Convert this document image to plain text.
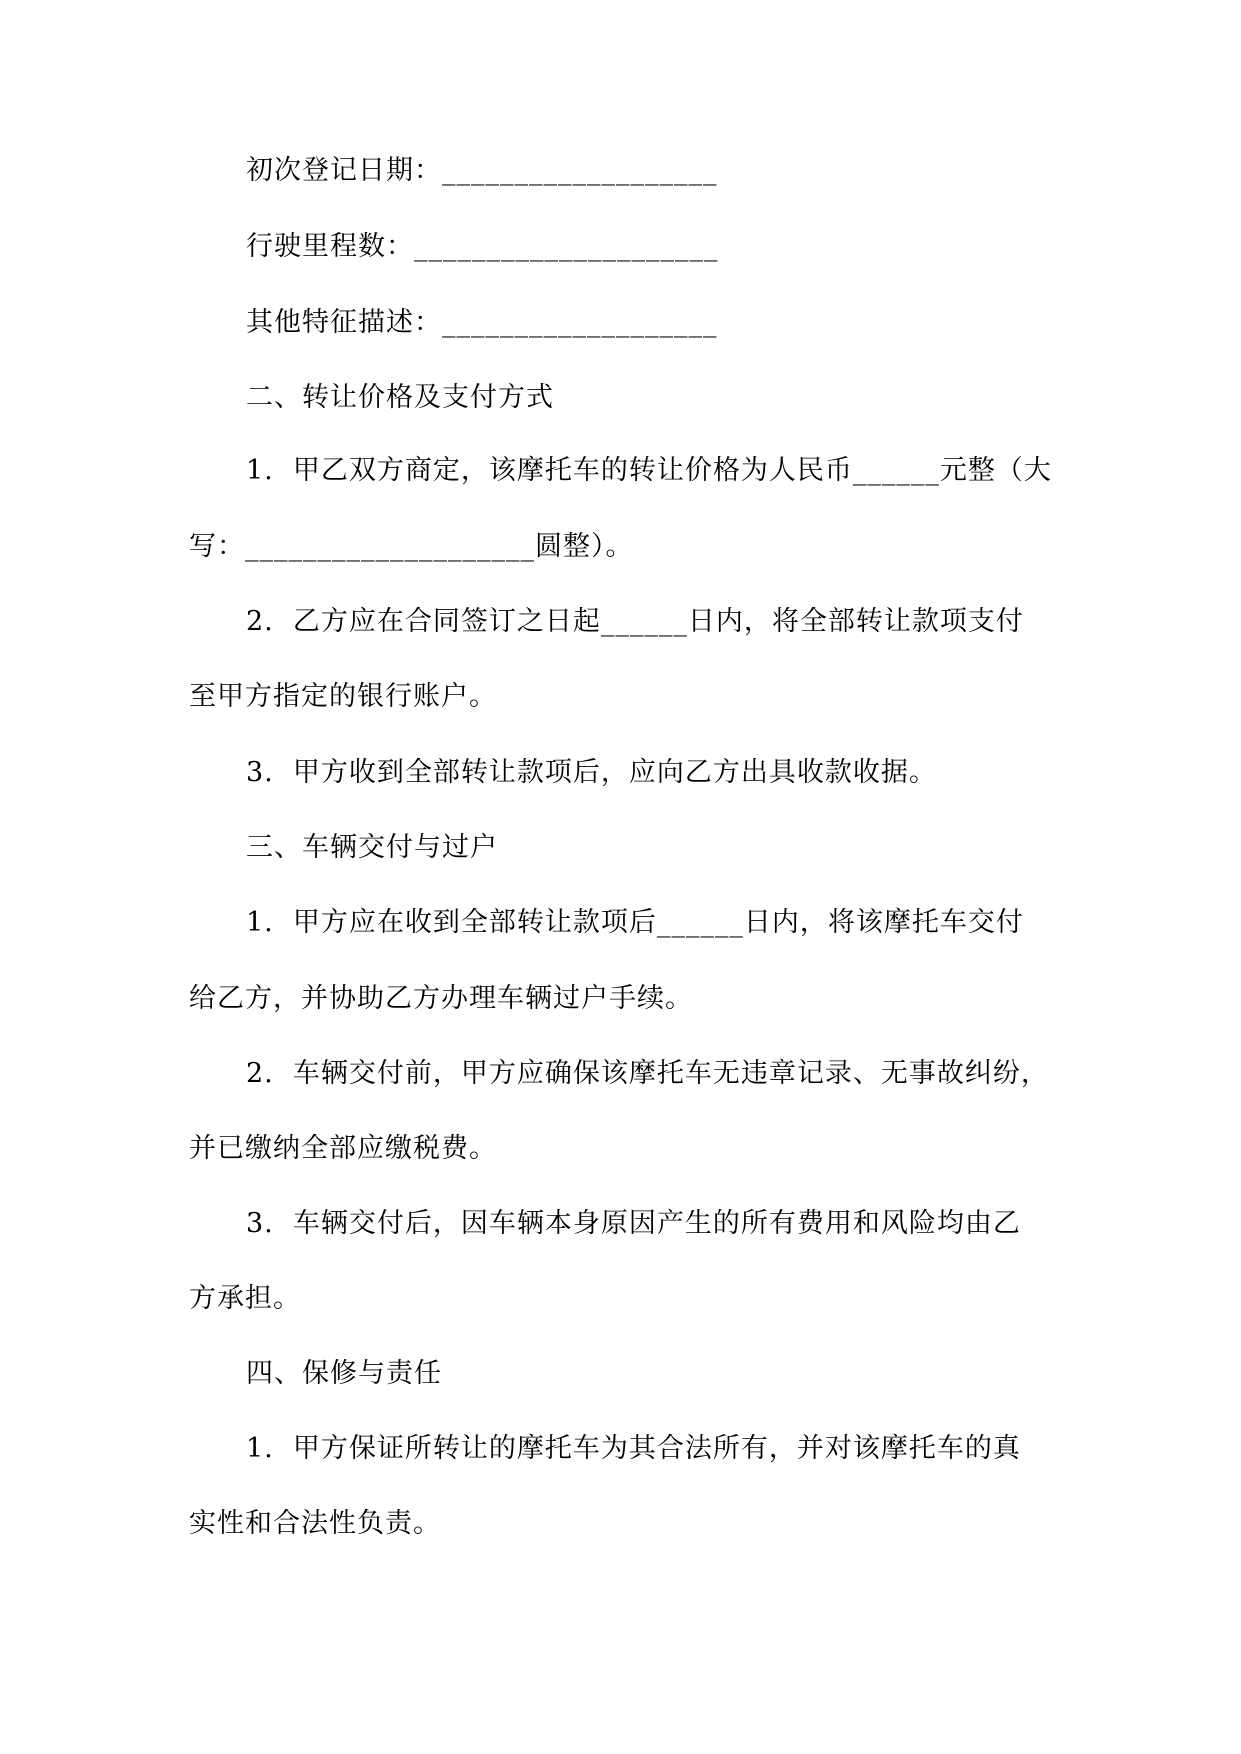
初次登记日期：___________________
行驶里程数：_____________________
其他特征描述：___________________
二、转让价格及支付方式
1.  甲乙双方商定，该摩托车的转让价格为人民币______元整（大
写：____________________圆整）。
2.  乙方应在合同签订之日起______日内，将全部转让款项支付
至甲方指定的银行账户。
3.  甲方收到全部转让款项后，应向乙方出具收款收据。
三、车辆交付与过户
1.  甲方应在收到全部转让款项后______日内，将该摩托车交付
给乙方，并协助乙方办理车辆过户手续。
2.  车辆交付前，甲方应确保该摩托车无违章记录、无事故纠纷，
并已缴纳全部应缴税费。
3.  车辆交付后，因车辆本身原因产生的所有费用和风险均由乙
方承担。
四、保修与责任
1.  甲方保证所转让的摩托车为其合法所有，并对该摩托车的真
实性和合法性负责。
